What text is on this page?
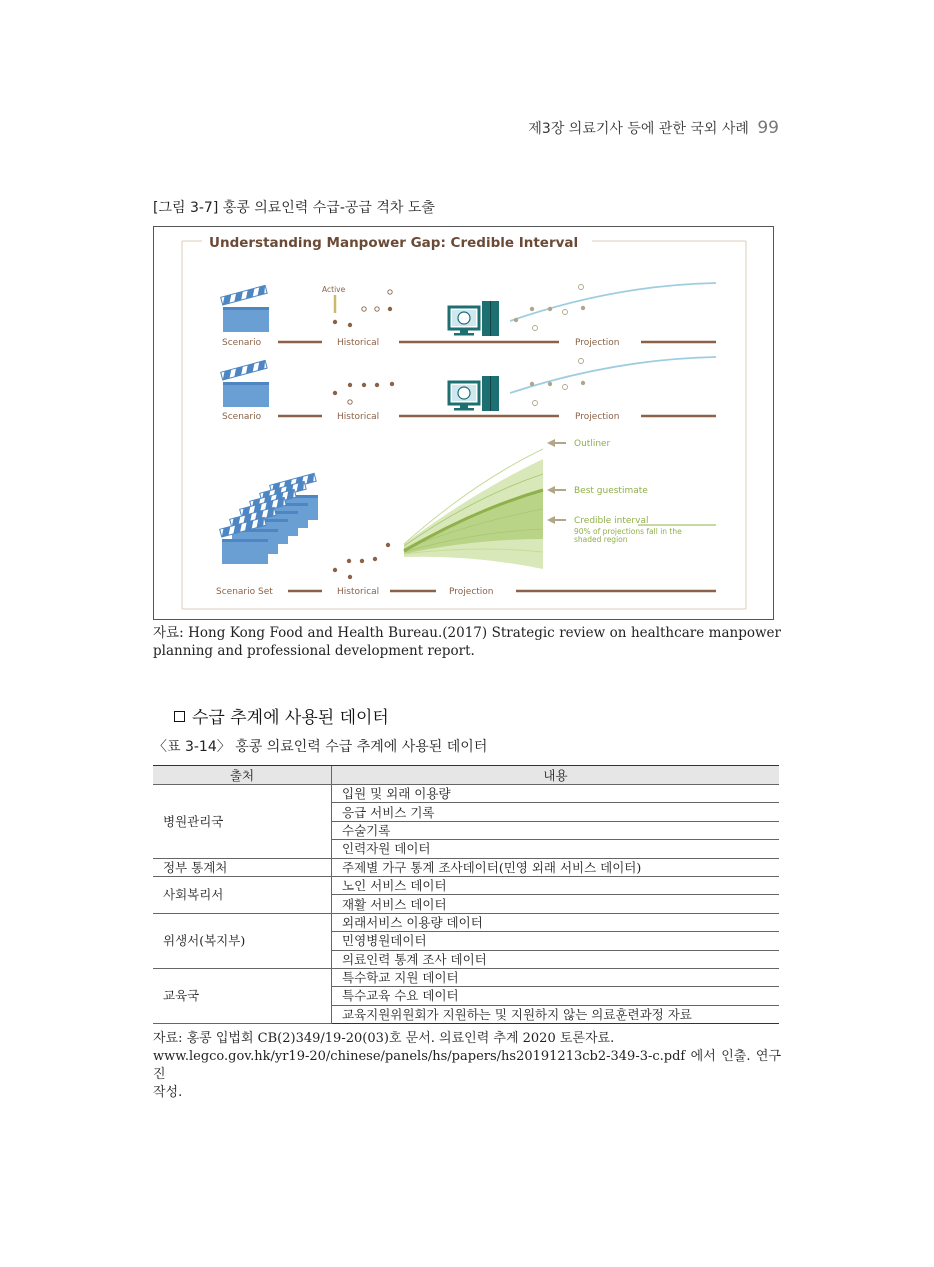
제3장 의료기사 등에 관한 국외 사례 99
[그림 3-7] 홍콩 의료인력 수급-공급 격차 도출
Understanding Manpower Gap: Credible Interval
Scenario	Historical	Projection
Active
Scenario	Historical	Projection
Scenario Set	Historical	Projection
Outliner
Best guestimate
Credible interval
90% of projections fall in the
shaded region
자료: Hong Kong Food and Health Bureau.(2017) Strategic review on healthcare manpower planning and professional development report.
수급 추계에 사용된 데이터
〈표 3-14〉 홍콩 의료인력 수급 추계에 사용된 데이터
출처	내용
병원관리국	입원 및 외래 이용량
	응급 서비스 기록
	수술기록
	인력자원 데이터
정부 통계처	주제별 가구 통계 조사데이터(민영 외래 서비스 데이터)
사회복리서	노인 서비스 데이터
	재활 서비스 데이터
위생서(복지부)	외래서비스 이용량 데이터
	민영병원데이터
	의료인력 통계 조사 데이터
교육국	특수학교 지원 데이터
	특수교육 수요 데이터
	교육지원위원회가 지원하는 및 지원하지 않는 의료훈련과정 자료
자료: 홍콩 입법회 CB(2)349/19-20(03)호 문서. 의료인력 추계 2020 토론자료.
www.legco.gov.hk/yr19-20/chinese/panels/hs/papers/hs20191213cb2-349-3-c.pdf 에서 인출. 연구진
작성.
